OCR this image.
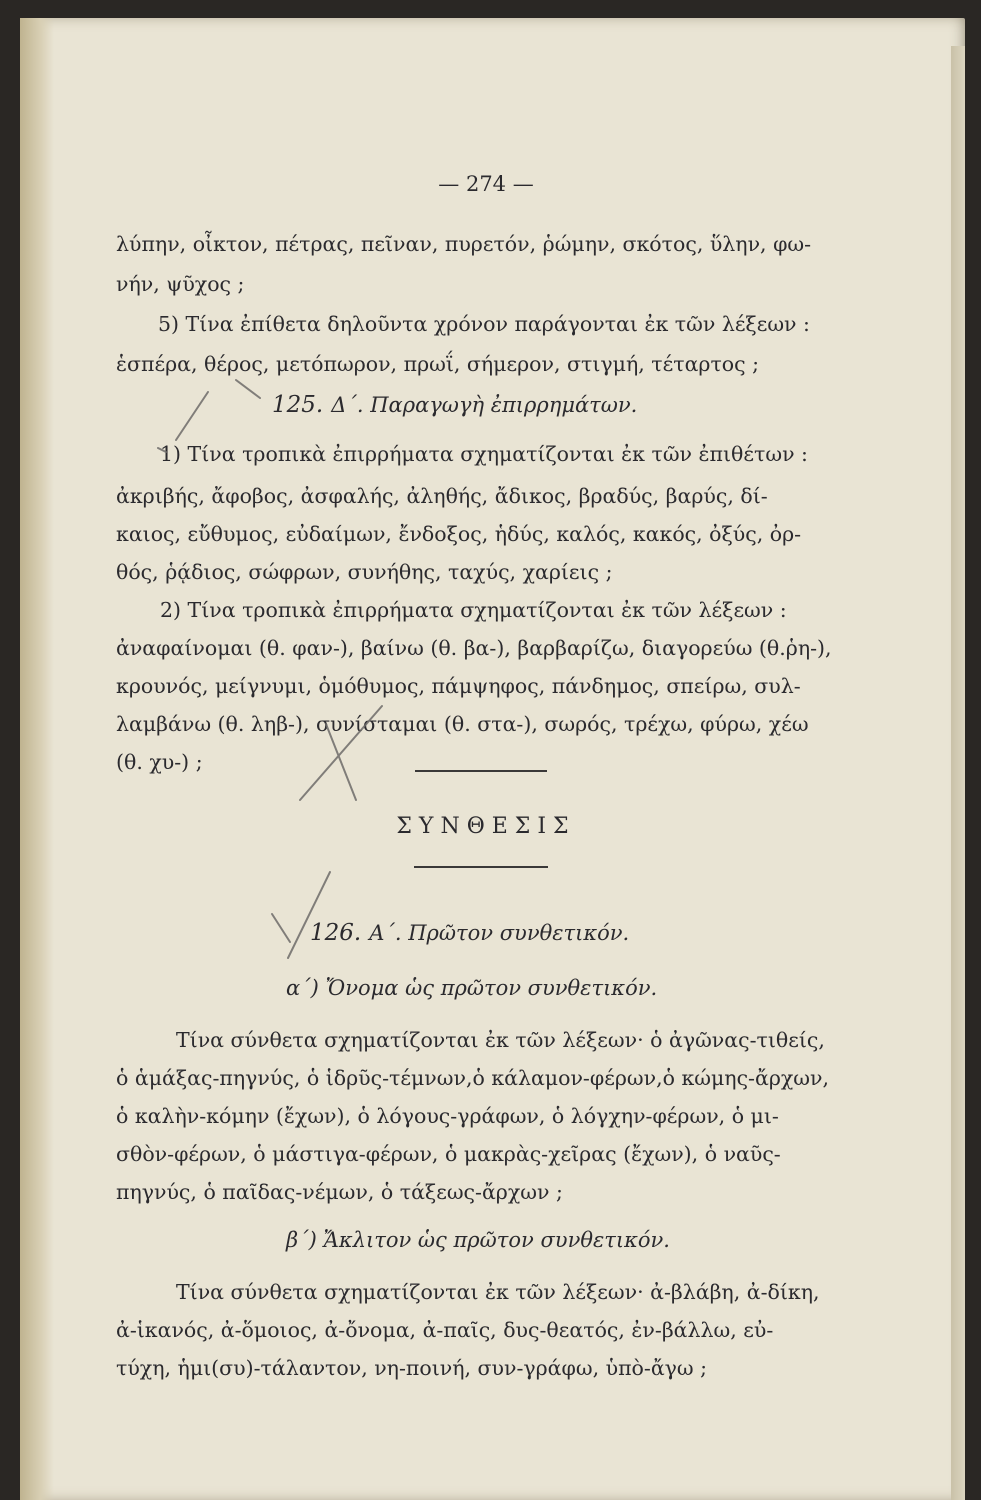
— 274 —
λύπην, οἶκτον, πέτρας, πεῖναν, πυρετόν, ῥώμην, σκότος, ὕλην, φω-
νήν, ψῦχος ;
5) Τίνα ἐπίθετα δηλοῦντα χρόνον παράγονται ἐκ τῶν λέξεων :
ἑσπέρα, θέρος, μετόπωρον, πρωΐ, σήμερον, στιγμή, τέταρτος ;
125. Δ΄. Παραγωγὴ ἐπιρρημάτων.
1) Τίνα τροπικὰ ἐπιρρήματα σχηματίζονται ἐκ τῶν ἐπιθέτων :
ἀκριβής, ἄφοβος, ἀσφαλής, ἀληθής, ἄδικος, βραδύς, βαρύς, δί-
καιος, εὔθυμος, εὐδαίμων, ἔνδοξος, ἡδύς, καλός, κακός, ὀξύς, ὀρ-
θός, ῥᾴδιος, σώφρων, συνήθης, ταχύς, χαρίεις ;
2) Τίνα τροπικὰ ἐπιρρήματα σχηματίζονται ἐκ τῶν λέξεων :
ἀναφαίνομαι (θ. φαν-), βαίνω (θ. βα-), βαρβαρίζω, διαγορεύω (θ.ῥη-),
κρουνός, μείγνυμι, ὁμόθυμος, πάμψηφος, πάνδημος, σπείρω, συλ-
λαμβάνω (θ. ληβ-), συνίσταμαι (θ. στα-), σωρός, τρέχω, φύρω, χέω
(θ. χυ-) ;
ΣΥΝΘΕΣΙΣ
126. Α΄. Πρῶτον συνθετικόν.
α΄) Ὄνομα ὡς πρῶτον συνθετικόν.
Τίνα σύνθετα σχηματίζονται ἐκ τῶν λέξεων· ὁ ἀγῶνας-τιθείς,
ὁ ἁμάξας-πηγνύς, ὁ ἱδρῦς-τέμνων,ὁ κάλαμον-φέρων,ὁ κώμης-ἄρχων,
ὁ καλὴν-κόμην (ἔχων), ὁ λόγους-γράφων, ὁ λόγχην-φέρων, ὁ μι-
σθὸν-φέρων, ὁ μάστιγα-φέρων, ὁ μακρὰς-χεῖρας (ἔχων), ὁ ναῦς-
πηγνύς, ὁ παῖδας-νέμων, ὁ τάξεως-ἄρχων ;
β΄) Ἄκλιτον ὡς πρῶτον συνθετικόν.
Τίνα σύνθετα σχηματίζονται ἐκ τῶν λέξεων· ἀ-βλάβη, ἀ-δίκη,
ἀ-ἱκανός, ἀ-ὅμοιος, ἀ-ὄνομα, ἀ-παῖς, δυς-θεατός, ἐν-βάλλω, εὐ-
τύχη, ἡμι(συ)-τάλαντον, νη-ποινή, συν-γράφω, ὑπὸ-ἄγω ;
